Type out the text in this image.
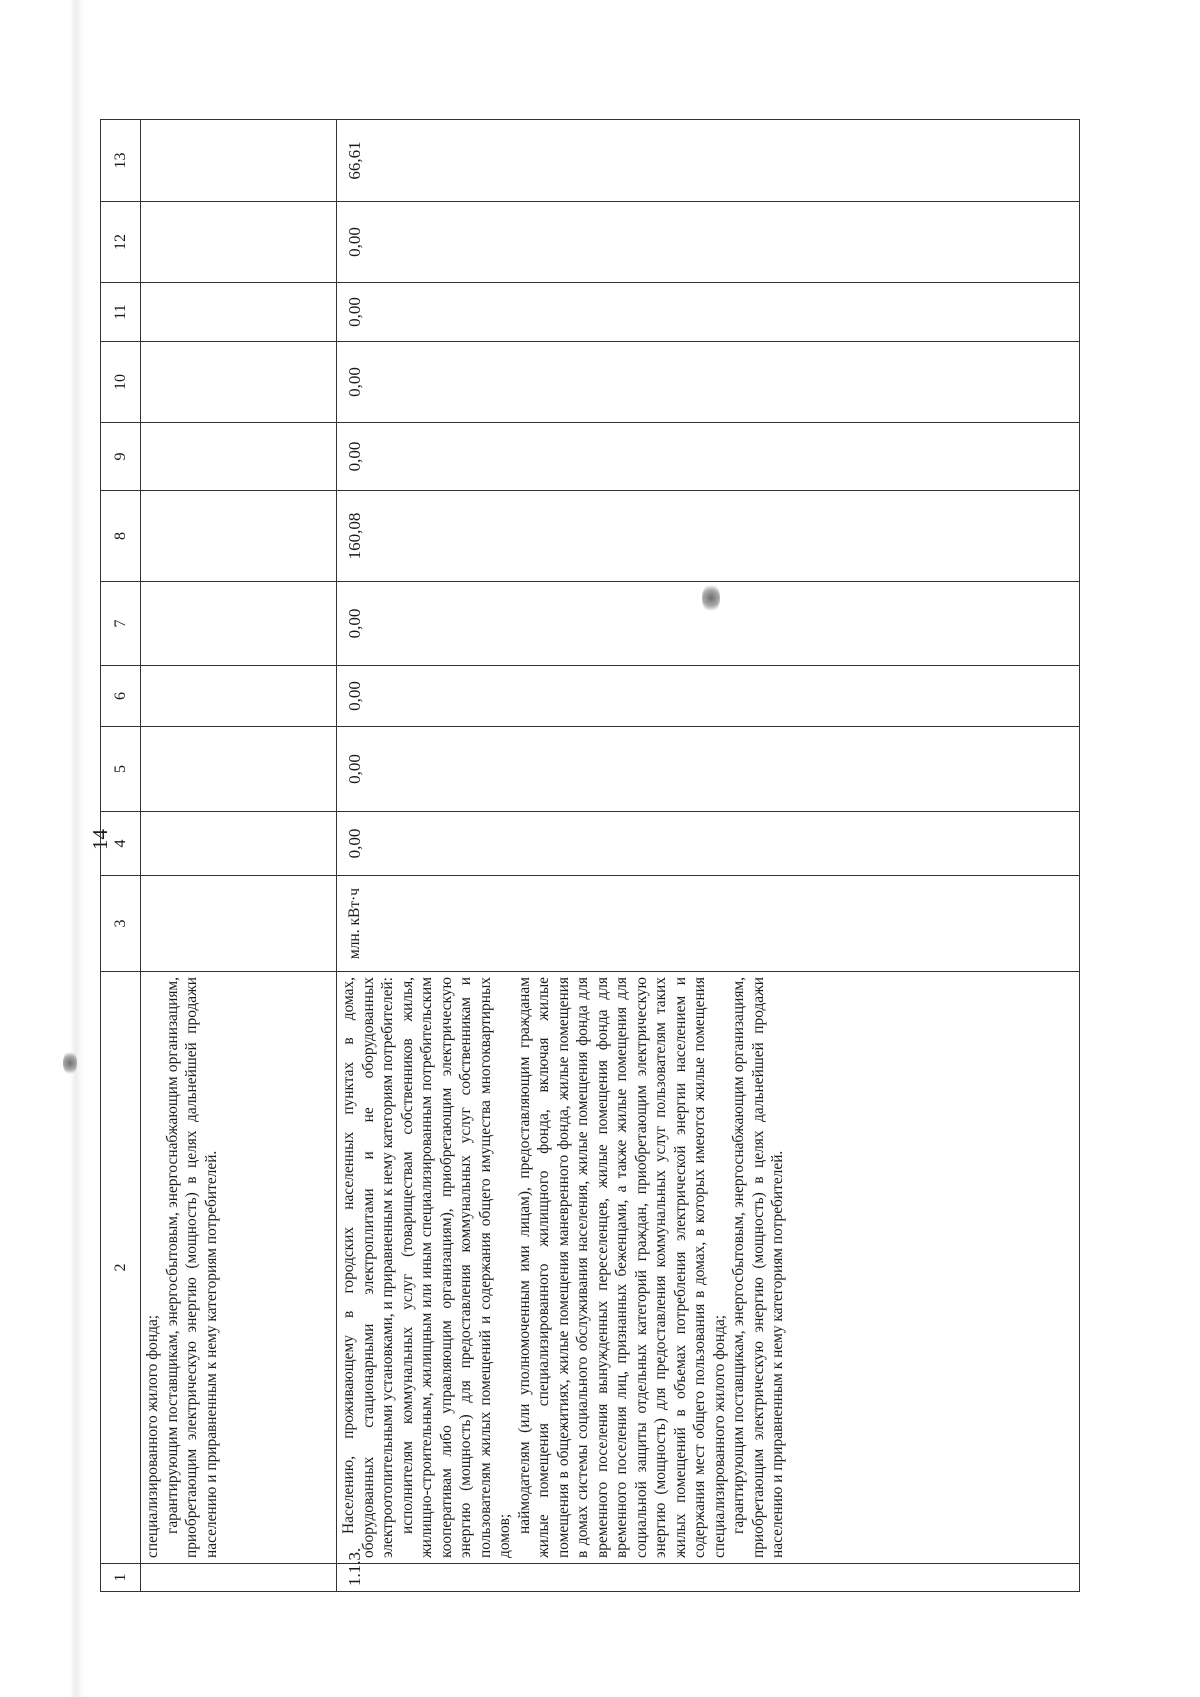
14
1	2	3	4	5	6	7	8	9	10	11	12	13

	специализированного жилого фонда; гарантирующим поставщикам, энергосбытовым, энергоснабжающим организациям, приобретающим электрическую энергию (мощность) в целях дальнейшей продажи населению и приравненным к нему категориям потребителей.											

1.1.3.	Населению, проживающему в городских населенных пунктах в домах, оборудованных стационарными электроплитами и не оборудованных электроотопительными установками, и приравненным к нему категориям потребителей: исполнителям коммунальных услуг (товариществам собственников жилья, жилищно-строительным, жилищным или иным специализированным потребительским кооперативам либо управляющим организациям), приобретающим электрическую энергию (мощность) для предоставления коммунальных услуг собственникам и пользователям жилых помещений и содержания общего имущества многоквартирных домов;

наймодателям (или уполномоченным ими лицам), предоставляющим гражданам жилые помещения специализированного жилищного фонда, включая жилые помещения в общежитиях, жилые помещения маневренного фонда, жилые помещения в домах системы социального обслуживания населения, жилые помещения фонда для временного поселения вынужденных переселенцев, жилые помещения фонда для временного поселения лиц, признанных беженцами, а также жилые помещения для социальной защиты отдельных категорий граждан, приобретающим электрическую энергию (мощность) для предоставления коммунальных услуг пользователям таких жилых помещений в объемах потребления электрической энергии населением и содержания мест общего пользования в домах, в которых имеются жилые помещения специализированного жилого фонда; гарантирующим поставщикам, энергосбытовым, энергоснабжающим организациям, приобретающим электрическую энергию (мощность) в целях дальнейшей продажи населению и приравненным к нему категориям потребителей.	млн. кВт·ч	0,00	0,00	0,00	0,00	160,08	0,00	0,00	0,00	0,00	66,61
